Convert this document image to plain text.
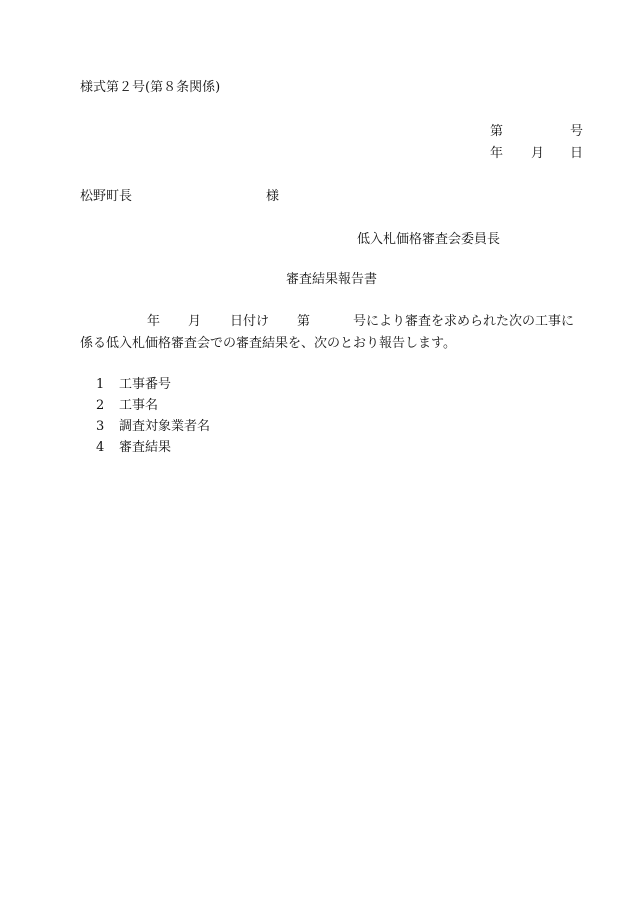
様式第２号(第８条関係)
第	号
年 月 日
松野町長	様
低入札価格審査会委員長
審査結果報告書
年 月 日付け 第	号により審査を求められた次の工事に
係る低入札価格審査会での審査結果を、次のとおり報告します。
1 工事番号
2 工事名
3 調査対象業者名
4 審査結果
